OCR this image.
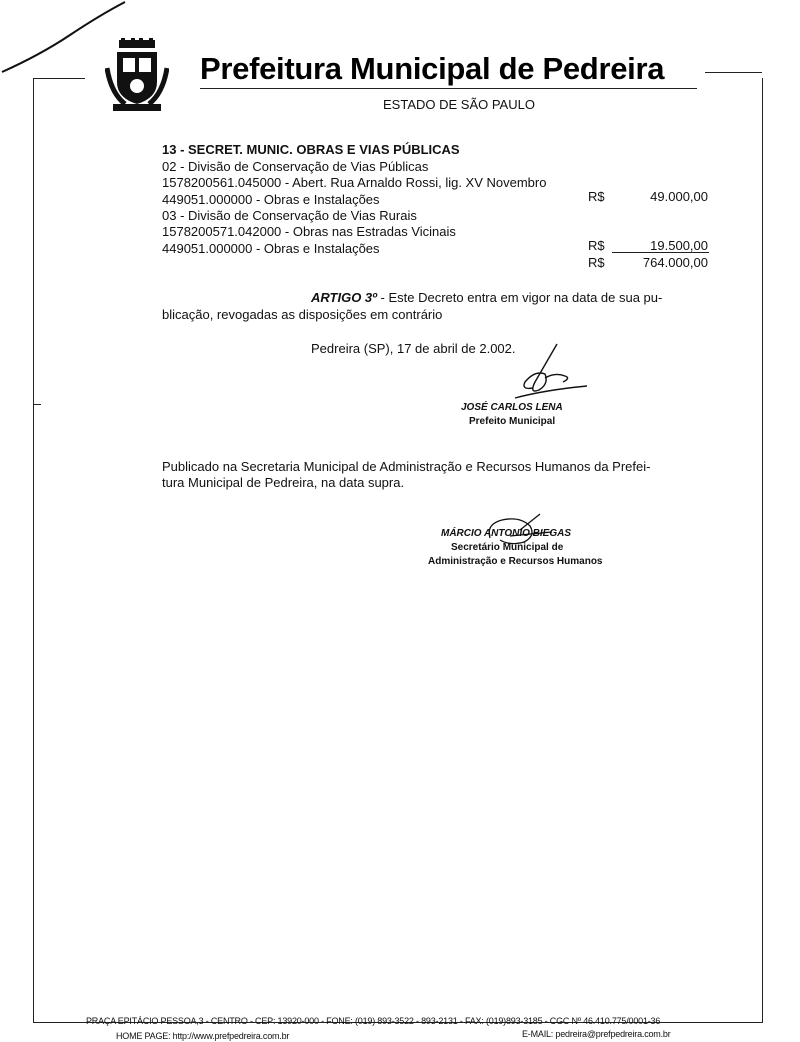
Prefeitura Municipal de Pedreira
ESTADO DE SÃO PAULO
13 - SECRET. MUNIC. OBRAS E VIAS PÚBLICAS
02 - Divisão de Conservação de Vias Públicas
1578200561.045000 - Abert. Rua Arnaldo Rossi, lig. XV Novembro
449051.000000 - Obras e Instalações	R$	49.000,00
03 - Divisão de Conservação de Vias Rurais
1578200571.042000 - Obras nas Estradas Vicinais
449051.000000 - Obras e Instalações	R$	19.500,00
R$	764.000,00
ARTIGO 3º - Este Decreto entra em vigor na data de sua pu-
blicação, revogadas as disposições em contrário
Pedreira (SP), 17 de abril de 2.002.
JOSÉ CARLOS LENA
Prefeito Municipal
Publicado na Secretaria Municipal de Administração e Recursos Humanos da Prefei-
tura Municipal de Pedreira, na data supra.
MÁRCIO ANTONIO BIEGAS
Secretário Municipal de
Administração e Recursos Humanos
PRAÇA EPITÁCIO PESSOA,3 - CENTRO - CEP: 13920-000 - FONE: (019) 893-3522 - 893-2131 - FAX: (019)893-3185 - CGC Nº 46.410.775/0001-36
HOME PAGE: http://www.prefpedreira.com.br	E-MAIL: pedreira@prefpedreira.com.br
